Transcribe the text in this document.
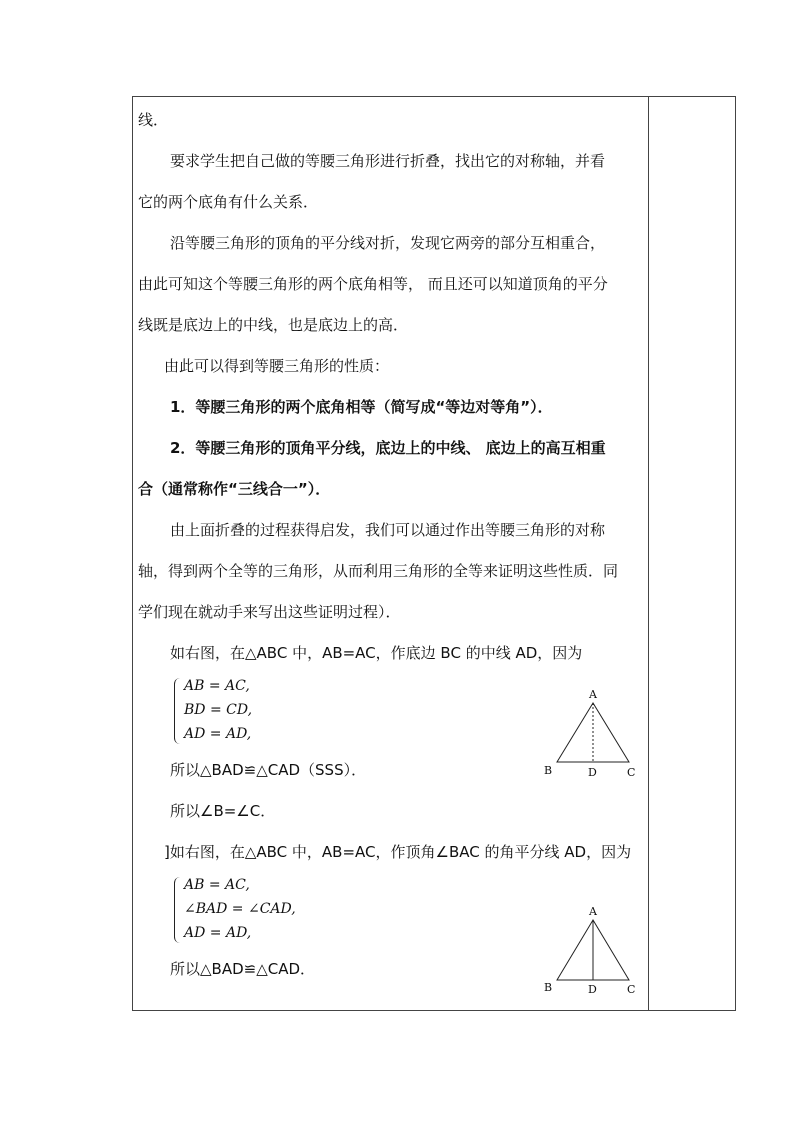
线．

要求学生把自己做的等腰三角形进行折叠，找出它的对称轴，并看

它的两个底角有什么关系．

沿等腰三角形的顶角的平分线对折，发现它两旁的部分互相重合，

由此可知这个等腰三角形的两个底角相等， 而且还可以知道顶角的平分

线既是底边上的中线，也是底边上的高．

由此可以得到等腰三角形的性质：

1．等腰三角形的两个底角相等（简写成“等边对等角”）．

2．等腰三角形的顶角平分线，底边上的中线、 底边上的高互相重

合（通常称作“三线合一”）．

由上面折叠的过程获得启发，我们可以通过作出等腰三角形的对称

轴，得到两个全等的三角形，从而利用三角形的全等来证明这些性质．同

学们现在就动手来写出这些证明过程）．

如右图，在△ABC 中，AB=AC，作底边 BC 的中线 AD，因为

AB = AC,
BD = CD,
AD = AD,

所以△BAD≌△CAD（SSS）．

所以∠B=∠C．

]如右图，在△ABC 中，AB=AC，作顶角∠BAC 的角平分线 AD，因为

AB = AC,
∠BAD = ∠CAD,
AD = AD,

所以△BAD≌△CAD．

A
B	D	C
A
B	D	C
